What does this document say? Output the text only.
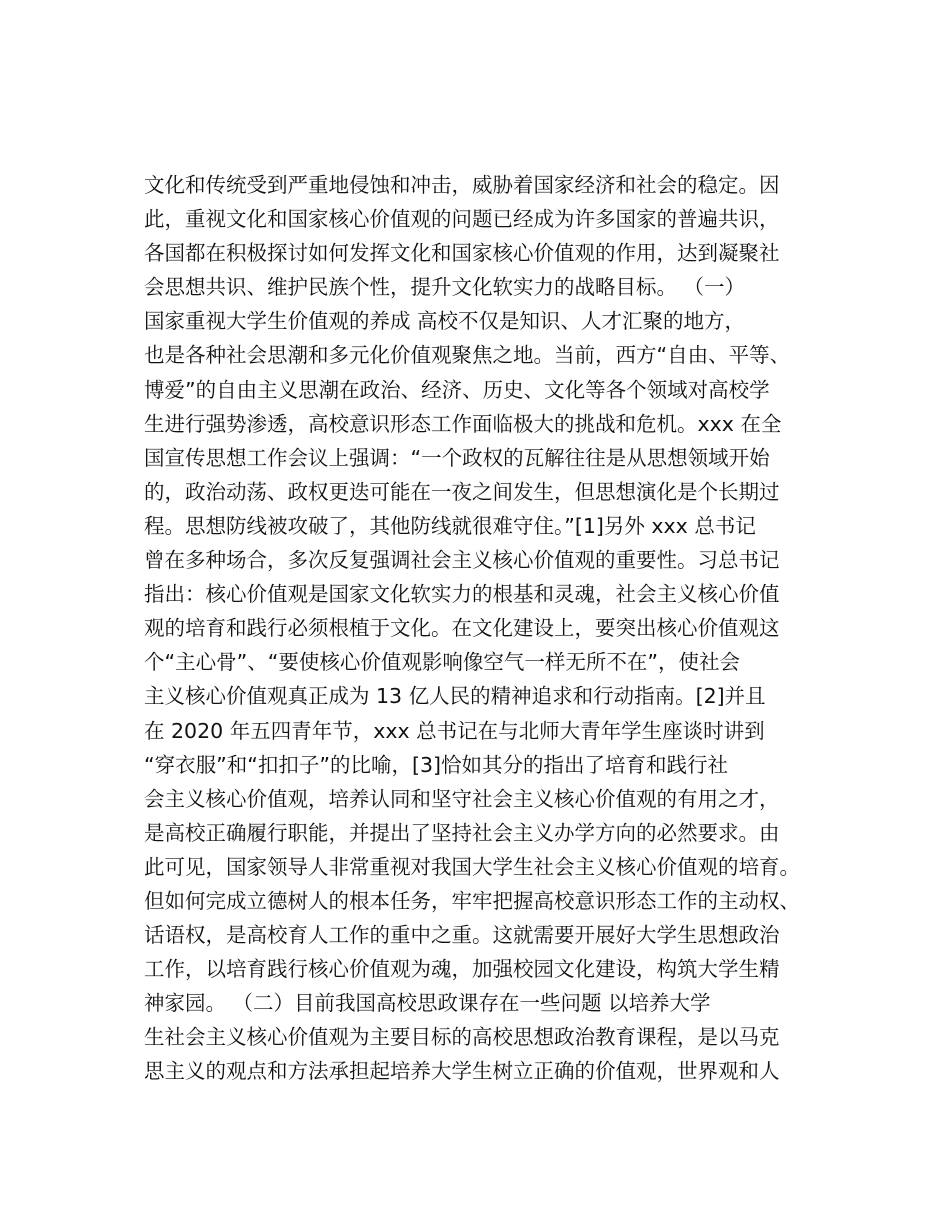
文化和传统受到严重地侵蚀和冲击，威胁着国家经济和社会的稳定。因
此，重视文化和国家核心价值观的问题已经成为许多国家的普遍共识，
各国都在积极探讨如何发挥文化和国家核心价值观的作用，达到凝聚社
会思想共识、维护民族个性，提升文化软实力的战略目标。 （一）
国家重视大学生价值观的养成 高校不仅是知识、人才汇聚的地方，
也是各种社会思潮和多元化价值观聚焦之地。当前，西方“自由、平等、
博爱”的自由主义思潮在政治、经济、历史、文化等各个领域对高校学
生进行强势渗透，高校意识形态工作面临极大的挑战和危机。xxx 在全
国宣传思想工作会议上强调：“一个政权的瓦解往往是从思想领域开始
的，政治动荡、政权更迭可能在一夜之间发生，但思想演化是个长期过
程。思想防线被攻破了，其他防线就很难守住。”[1]另外 xxx 总书记
曾在多种场合，多次反复强调社会主义核心价值观的重要性。习总书记
指出：核心价值观是国家文化软实力的根基和灵魂，社会主义核心价值
观的培育和践行必须根植于文化。在文化建设上，要突出核心价值观这
个“主心骨”、“要使核心价值观影响像空气一样无所不在”，使社会
主义核心价值观真正成为 13 亿人民的精神追求和行动指南。[2]并且
在 2020 年五四青年节，xxx 总书记在与北师大青年学生座谈时讲到
“穿衣服”和“扣扣子”的比喻，[3]恰如其分的指出了培育和践行社
会主义核心价值观，培养认同和坚守社会主义核心价值观的有用之才，
是高校正确履行职能，并提出了坚持社会主义办学方向的必然要求。由
此可见，国家领导人非常重视对我国大学生社会主义核心价值观的培育。
但如何完成立德树人的根本任务，牢牢把握高校意识形态工作的主动权、
话语权，是高校育人工作的重中之重。这就需要开展好大学生思想政治
工作，以培育践行核心价值观为魂，加强校园文化建设，构筑大学生精
神家园。 （二）目前我国高校思政课存在一些问题 以培养大学
生社会主义核心价值观为主要目标的高校思想政治教育课程，是以马克
思主义的观点和方法承担起培养大学生树立正确的价值观，世界观和人
